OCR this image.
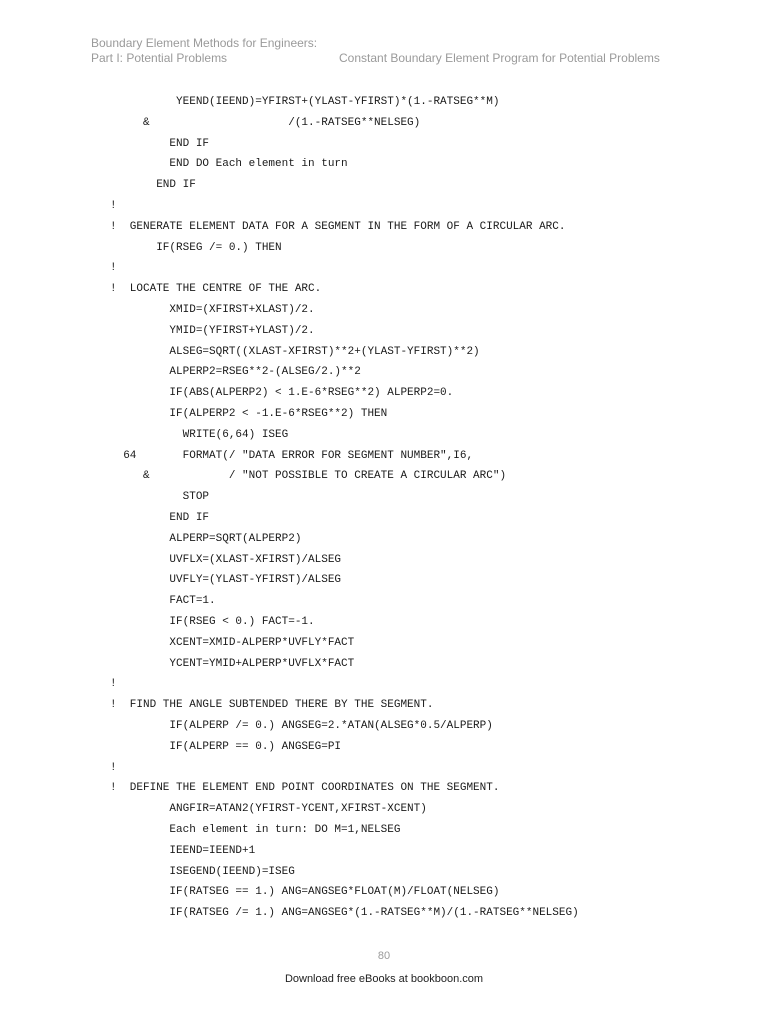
Boundary Element Methods for Engineers:
Part I: Potential Problems	Constant Boundary Element Program for Potential Problems
YEEND(IEEND)=YFIRST+(YLAST-YFIRST)*(1.-RATSEG**M)
&                     /(1.-RATSEG**NELSEG)
END IF
END DO Each element in turn
END IF
!
!  GENERATE ELEMENT DATA FOR A SEGMENT IN THE FORM OF A CIRCULAR ARC.
IF(RSEG /= 0.) THEN
!
!  LOCATE THE CENTRE OF THE ARC.
XMID=(XFIRST+XLAST)/2.
YMID=(YFIRST+YLAST)/2.
ALSEG=SQRT((XLAST-XFIRST)**2+(YLAST-YFIRST)**2)
ALPERP2=RSEG**2-(ALSEG/2.)**2
IF(ABS(ALPERP2) < 1.E-6*RSEG**2) ALPERP2=0.
IF(ALPERP2 < -1.E-6*RSEG**2) THEN
WRITE(6,64) ISEG
64       FORMAT(/ "DATA ERROR FOR SEGMENT NUMBER",I6,
&            / "NOT POSSIBLE TO CREATE A CIRCULAR ARC")
STOP
END IF
ALPERP=SQRT(ALPERP2)
UVFLX=(XLAST-XFIRST)/ALSEG
UVFLY=(YLAST-YFIRST)/ALSEG
FACT=1.
IF(RSEG < 0.) FACT=-1.
XCENT=XMID-ALPERP*UVFLY*FACT
YCENT=YMID+ALPERP*UVFLX*FACT
!
!  FIND THE ANGLE SUBTENDED THERE BY THE SEGMENT.
IF(ALPERP /= 0.) ANGSEG=2.*ATAN(ALSEG*0.5/ALPERP)
IF(ALPERP == 0.) ANGSEG=PI
!
!  DEFINE THE ELEMENT END POINT COORDINATES ON THE SEGMENT.
ANGFIR=ATAN2(YFIRST-YCENT,XFIRST-XCENT)
Each element in turn: DO M=1,NELSEG
IEEND=IEEND+1
ISEGEND(IEEND)=ISEG
IF(RATSEG == 1.) ANG=ANGSEG*FLOAT(M)/FLOAT(NELSEG)
IF(RATSEG /= 1.) ANG=ANGSEG*(1.-RATSEG**M)/(1.-RATSEG**NELSEG)
80
Download free eBooks at bookboon.com
